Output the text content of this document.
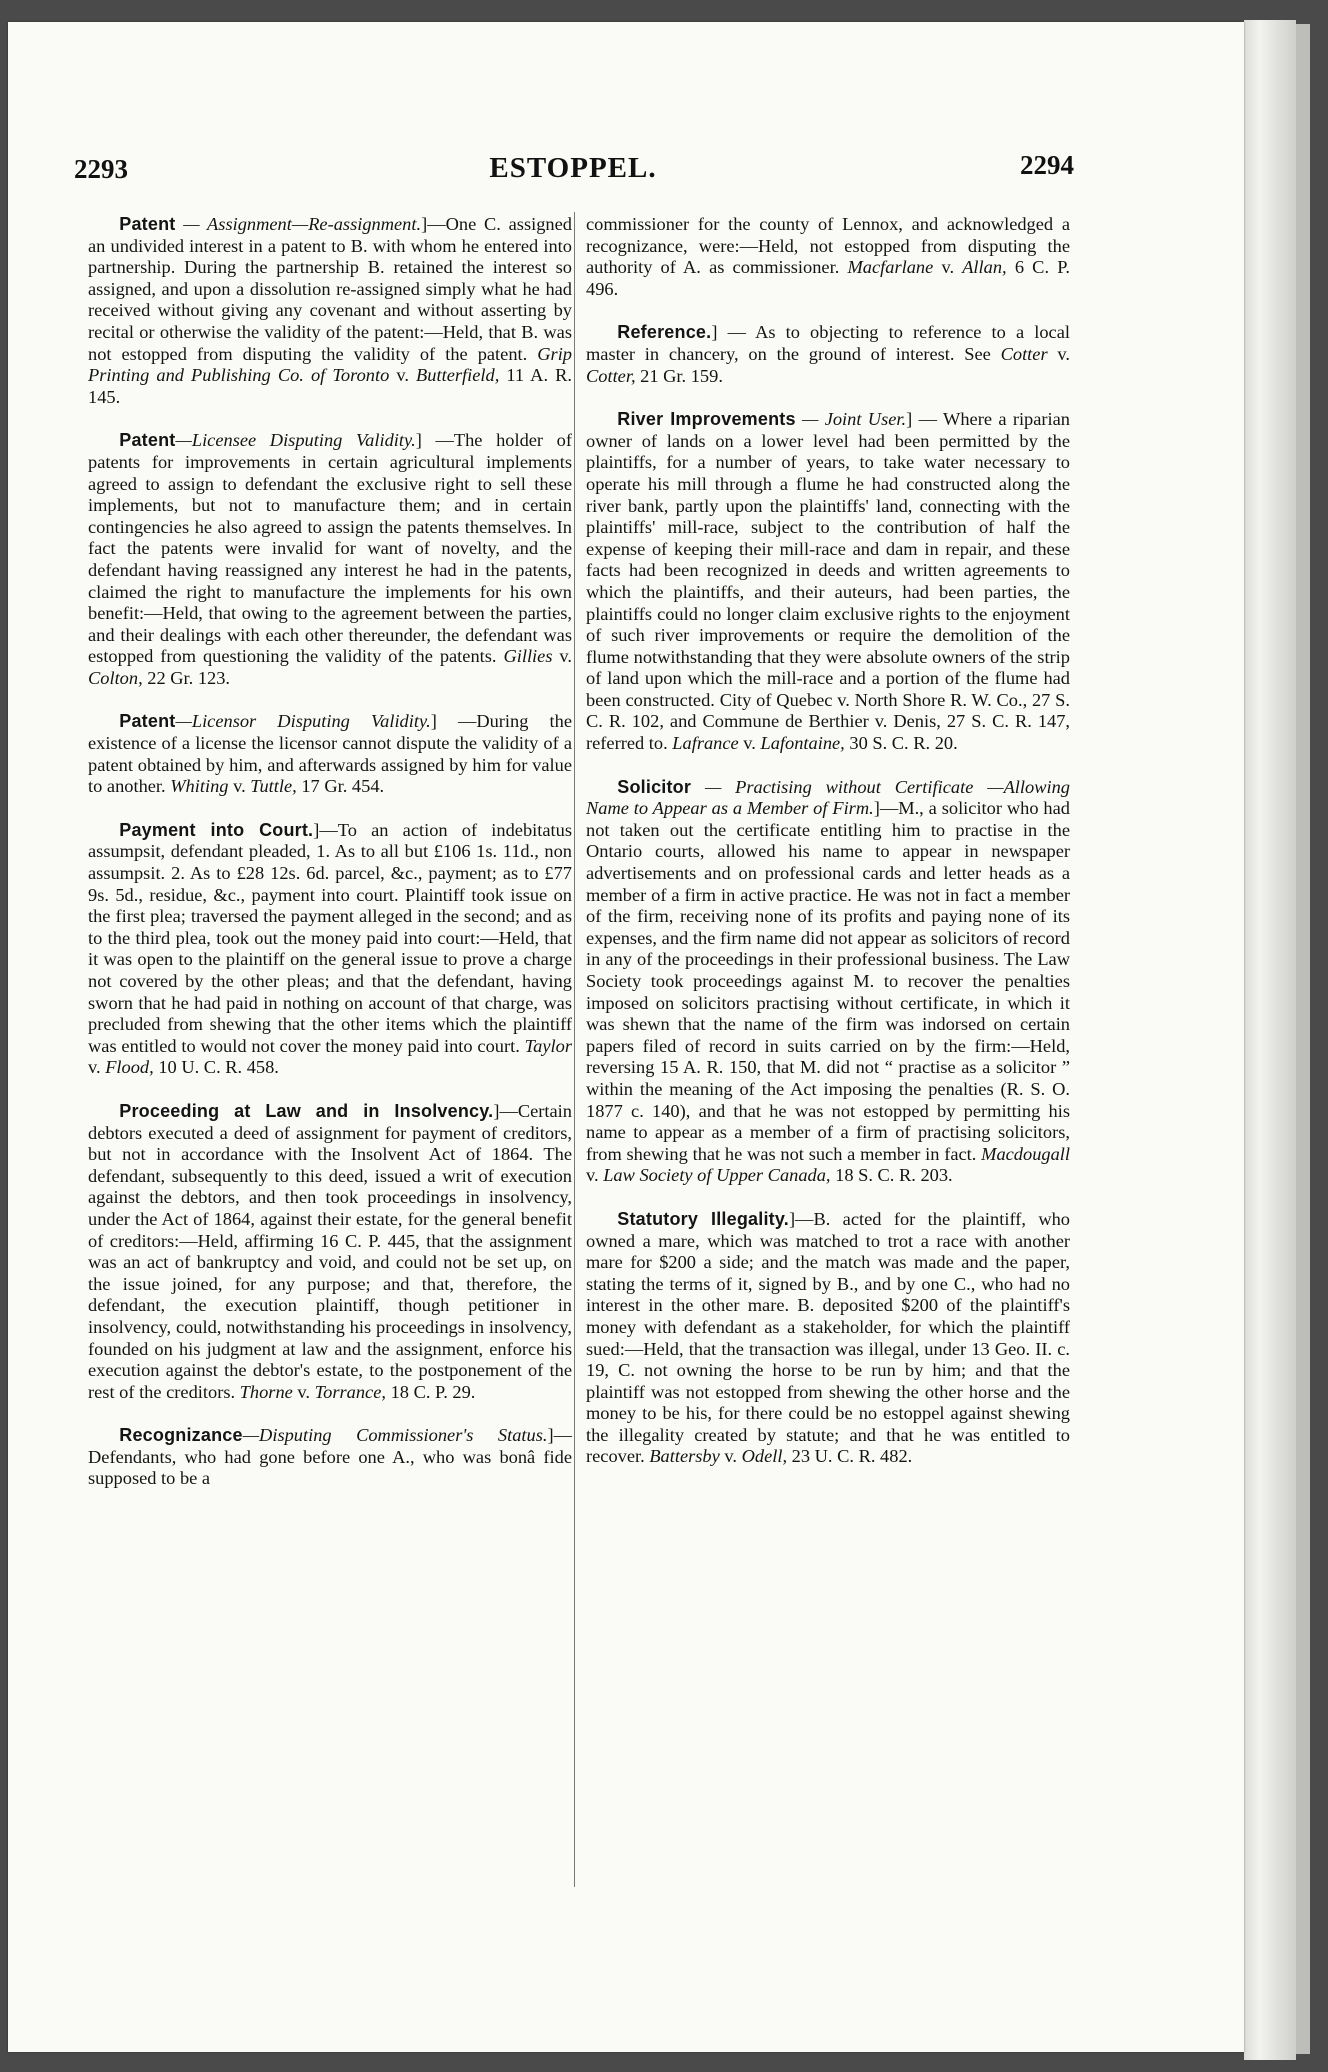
2293	ESTOPPEL.	2294

Patent — Assignment—Re-assignment.]—One C. assigned an undivided interest in a patent to B. with whom he entered into partnership. During the partnership B. retained the interest so assigned, and upon a dissolution re-assigned simply what he had received without giving any covenant and without asserting by recital or otherwise the validity of the patent:—Held, that B. was not estopped from disputing the validity of the patent. Grip Printing and Publishing Co. of Toronto v. Butterfield, 11 A. R. 145.

Patent—Licensee Disputing Validity.] —The holder of patents for improvements in certain agricultural implements agreed to assign to defendant the exclusive right to sell these implements, but not to manufacture them; and in certain contingencies he also agreed to assign the patents themselves. In fact the patents were invalid for want of novelty, and the defendant having reassigned any interest he had in the patents, claimed the right to manufacture the implements for his own benefit:—Held, that owing to the agreement between the parties, and their dealings with each other thereunder, the defendant was estopped from questioning the validity of the patents. Gillies v. Colton, 22 Gr. 123.

Patent—Licensor Disputing Validity.] —During the existence of a license the licensor cannot dispute the validity of a patent obtained by him, and afterwards assigned by him for value to another. Whiting v. Tuttle, 17 Gr. 454.

Payment into Court.]—To an action of indebitatus assumpsit, defendant pleaded, 1. As to all but £106 1s. 11d., non assumpsit. 2. As to £28 12s. 6d. parcel, &c., payment; as to £77 9s. 5d., residue, &c., payment into court. Plaintiff took issue on the first plea; traversed the payment alleged in the second; and as to the third plea, took out the money paid into court:—Held, that it was open to the plaintiff on the general issue to prove a charge not covered by the other pleas; and that the defendant, having sworn that he had paid in nothing on account of that charge, was precluded from shewing that the other items which the plaintiff was entitled to would not cover the money paid into court. Taylor v. Flood, 10 U. C. R. 458.

Proceeding at Law and in Insolvency.]—Certain debtors executed a deed of assignment for payment of creditors, but not in accordance with the Insolvent Act of 1864. The defendant, subsequently to this deed, issued a writ of execution against the debtors, and then took proceedings in insolvency, under the Act of 1864, against their estate, for the general benefit of creditors:—Held, affirming 16 C. P. 445, that the assignment was an act of bankruptcy and void, and could not be set up, on the issue joined, for any purpose; and that, therefore, the defendant, the execution plaintiff, though petitioner in insolvency, could, notwithstanding his proceedings in insolvency, founded on his judgment at law and the assignment, enforce his execution against the debtor's estate, to the postponement of the rest of the creditors. Thorne v. Torrance, 18 C. P. 29.

Recognizance—Disputing Commissioner's Status.]—Defendants, who had gone before one A., who was bonâ fide supposed to be a

commissioner for the county of Lennox, and acknowledged a recognizance, were:—Held, not estopped from disputing the authority of A. as commissioner. Macfarlane v. Allan, 6 C. P. 496.

Reference.] — As to objecting to reference to a local master in chancery, on the ground of interest. See Cotter v. Cotter, 21 Gr. 159.

River Improvements — Joint User.] — Where a riparian owner of lands on a lower level had been permitted by the plaintiffs, for a number of years, to take water necessary to operate his mill through a flume he had constructed along the river bank, partly upon the plaintiffs' land, connecting with the plaintiffs' mill-race, subject to the contribution of half the expense of keeping their mill-race and dam in repair, and these facts had been recognized in deeds and written agreements to which the plaintiffs, and their auteurs, had been parties, the plaintiffs could no longer claim exclusive rights to the enjoyment of such river improvements or require the demolition of the flume notwithstanding that they were absolute owners of the strip of land upon which the mill-race and a portion of the flume had been constructed. City of Quebec v. North Shore R. W. Co., 27 S. C. R. 102, and Commune de Berthier v. Denis, 27 S. C. R. 147, referred to. Lafrance v. Lafontaine, 30 S. C. R. 20.

Solicitor — Practising without Certificate —Allowing Name to Appear as a Member of Firm.]—M., a solicitor who had not taken out the certificate entitling him to practise in the Ontario courts, allowed his name to appear in newspaper advertisements and on professional cards and letter heads as a member of a firm in active practice. He was not in fact a member of the firm, receiving none of its profits and paying none of its expenses, and the firm name did not appear as solicitors of record in any of the proceedings in their professional business. The Law Society took proceedings against M. to recover the penalties imposed on solicitors practising without certificate, in which it was shewn that the name of the firm was indorsed on certain papers filed of record in suits carried on by the firm:—Held, reversing 15 A. R. 150, that M. did not “ practise as a solicitor ” within the meaning of the Act imposing the penalties (R. S. O. 1877 c. 140), and that he was not estopped by permitting his name to appear as a member of a firm of practising solicitors, from shewing that he was not such a member in fact. Macdougall v. Law Society of Upper Canada, 18 S. C. R. 203.

Statutory Illegality.]—B. acted for the plaintiff, who owned a mare, which was matched to trot a race with another mare for $200 a side; and the match was made and the paper, stating the terms of it, signed by B., and by one C., who had no interest in the other mare. B. deposited $200 of the plaintiff's money with defendant as a stakeholder, for which the plaintiff sued:—Held, that the transaction was illegal, under 13 Geo. II. c. 19, C. not owning the horse to be run by him; and that the plaintiff was not estopped from shewing the other horse and the money to be his, for there could be no estoppel against shewing the illegality created by statute; and that he was entitled to recover. Battersby v. Odell, 23 U. C. R. 482.
